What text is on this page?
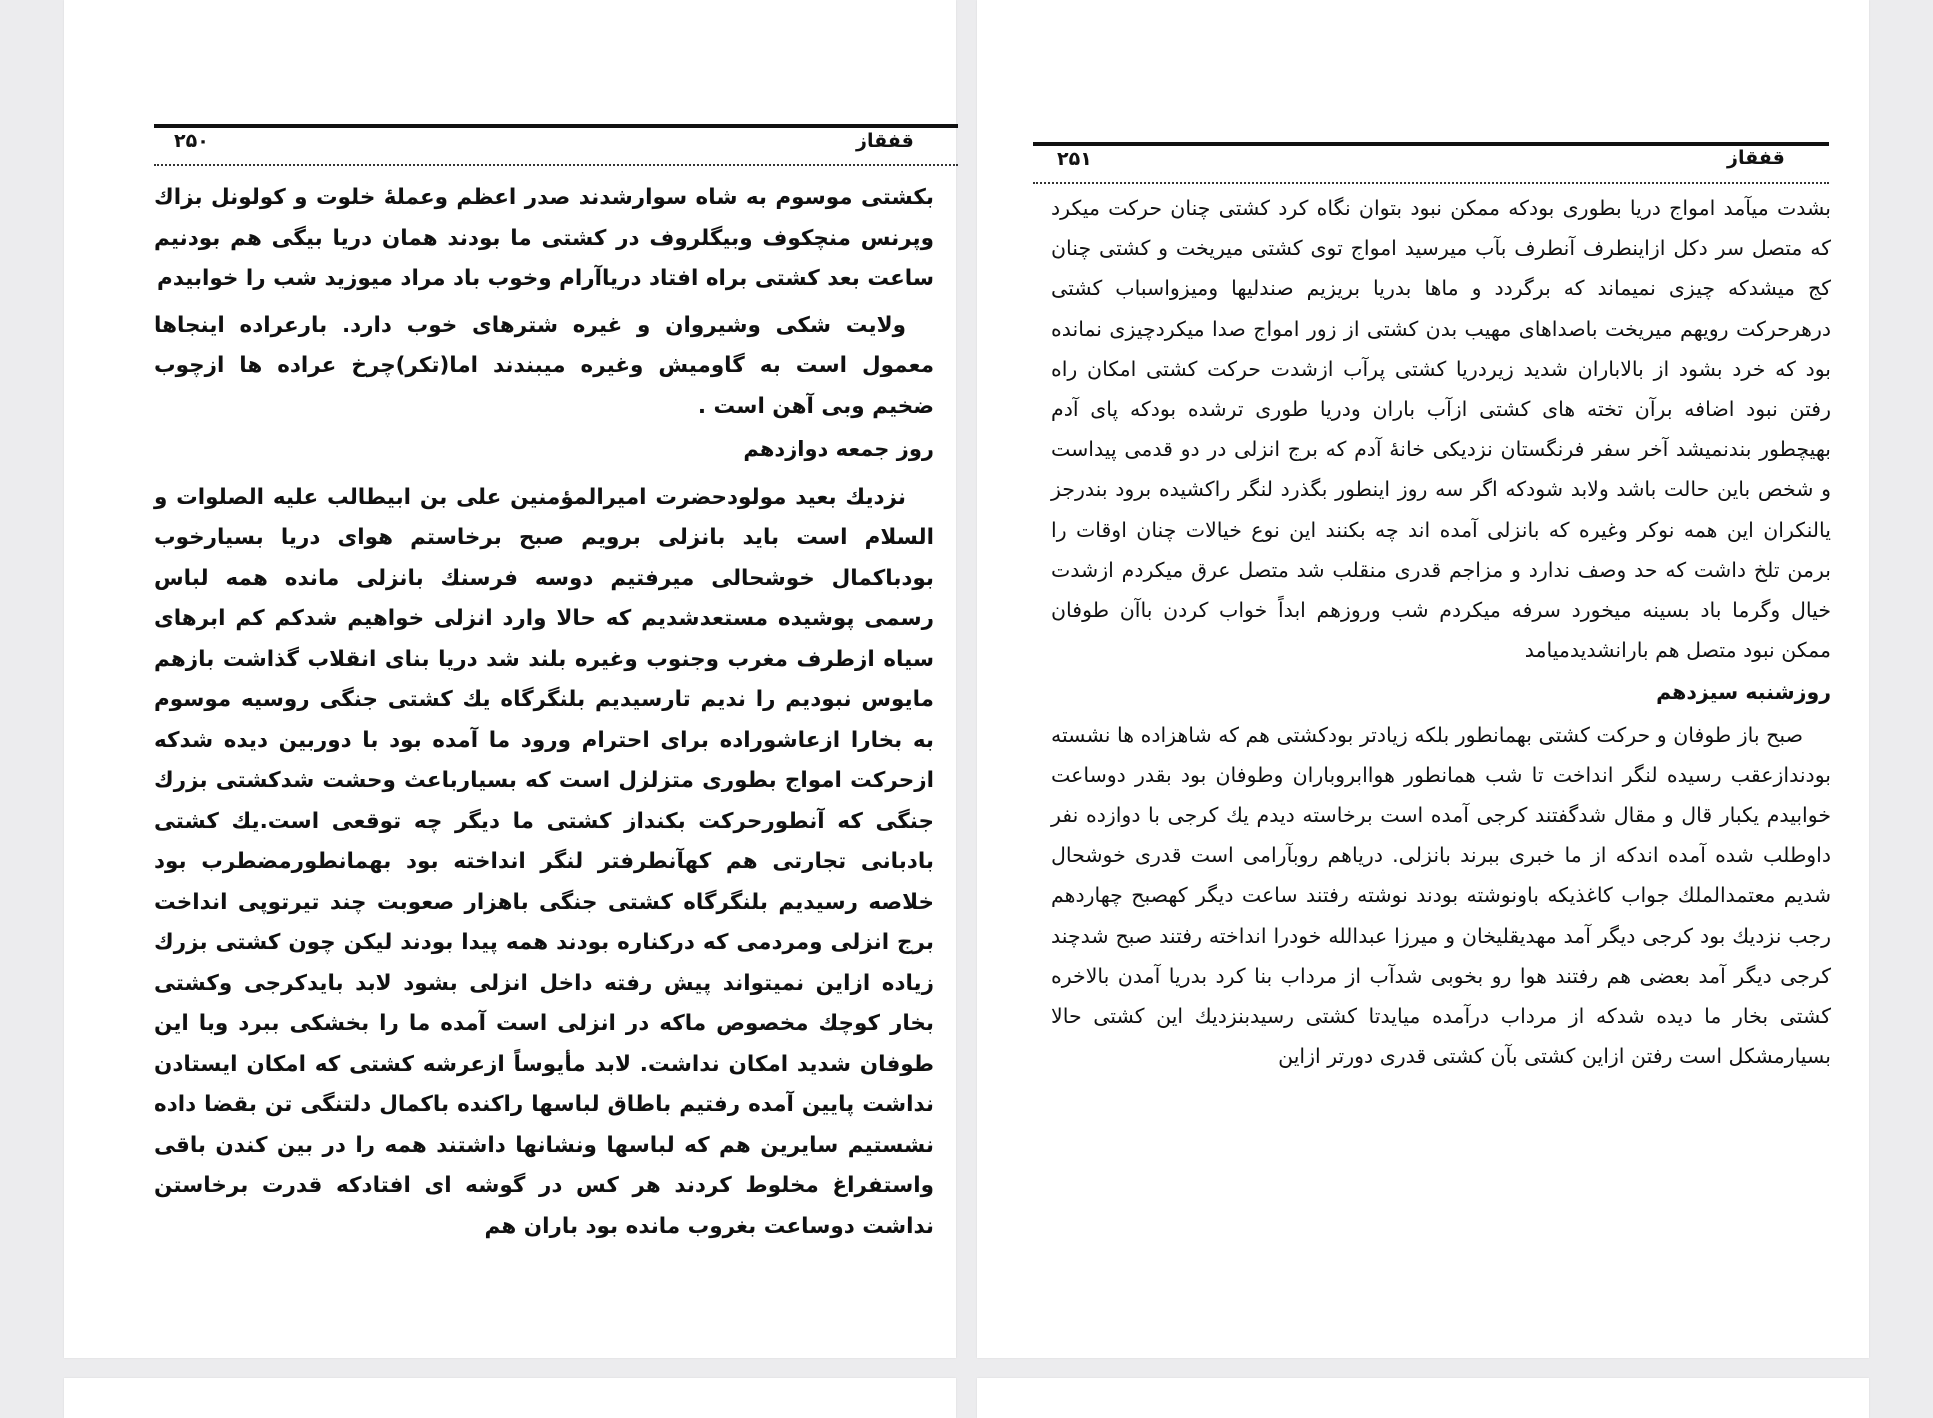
قفقاز
۲۵۰

بکشتی موسوم به شاه سوارشدند صدر اعظم وعملهٔ خلوت و کولونل بزاك وپرنس منچکوف وبیگلروف در کشتی ما بودند همان دریا بیگی هم بودنیم ساعت بعد کشتی براه افتاد دریاآرام وخوب باد مراد میوزید شب را خوابیدم

ولایت شکی وشیروان و غیره شترهای خوب دارد. بارعراده اینجاها معمول است به گاومیش وغیره میبندند اما(تکر)چرخ عراده ها ازچوب ضخیم وبی آهن است .

روز جمعه دوازدهم

نزدیك بعید مولودحضرت امیرالمؤمنین علی بن ابیطالب علیه الصلوات و السلام است باید بانزلی برویم صبح برخاستم هوای دریا بسیارخوب بودباکمال خوشحالی میرفتیم دوسه فرسنك بانزلی مانده همه لباس رسمی پوشیده مستعدشدیم که حالا وارد انزلی خواهیم شدکم کم ابرهای سیاه ازطرف مغرب وجنوب وغیره بلند شد دریا بنای انقلاب گذاشت بازهم مایوس نبودیم را ندیم تارسیدیم بلنگرگاه یك کشتی جنگی روسیه موسوم به بخارا ازعاشوراده برای احترام ورود ما آمده بود با دوربین دیده شدکه ازحرکت امواج بطوری متزلزل است که بسیارباعث وحشت شدکشتی بزرك جنگی که آنطورحرکت بکنداز کشتی ما دیگر چه توقعی است.یك کشتی بادبانی تجارتی هم کهآنطرفتر لنگر انداخته بود بهمانطورمضطرب بود خلاصه رسیدیم بلنگرگاه کشتی جنگی باهزار صعوبت چند تیرتوپی انداخت برج انزلی ومردمی که درکناره بودند همه پیدا بودند لیکن چون کشتی بزرك زیاده ازاین نمیتواند پیش رفته داخل انزلی بشود لابد بایدکرجی وکشتی بخار کوچك مخصوص ماکه در انزلی است آمده ما را بخشکی ببرد وبا این طوفان شدید امکان نداشت. لابد مأیوساً ازعرشه کشتی که امکان ایستادن نداشت پایین آمده رفتیم باطاق لباسها راکنده باکمال دلتنگی تن بقضا داده نشستیم سایرین هم که لباسها ونشانها داشتند همه را در بین کندن باقی واستفراغ مخلوط کردند هر کس در گوشه ای افتادکه قدرت برخاستن نداشت دوساعت بغروب مانده بود باران هم

قفقاز
۲۵۱

بشدت میآمد امواج دریا بطوری بودکه ممکن نبود بتوان نگاه کرد کشتی چنان حرکت میکرد که متصل سر دکل ازاینطرف آنطرف بآب میرسید امواج توی کشتی میریخت و کشتی چنان کج میشدکه چیزی نمیماند که برگردد و ماها بدریا بریزیم صندلیها ومیزواسباب کشتی درهرحرکت رویهم میریخت باصداهای مهیب بدن کشتی از زور امواج صدا میکردچیزی نمانده بود که خرد بشود از بالاباران شدید زیردریا کشتی پرآب ازشدت حرکت کشتی امکان راه رفتن نبود اضافه برآن تخته های کشتی ازآب باران ودریا طوری ترشده بودکه پای آدم بهیچطور بندنمیشد آخر سفر فرنگستان نزدیکی خانهٔ آدم که برج انزلی در دو قدمی پیداست و شخص باین حالت باشد ولابد شودکه اگر سه روز اینطور بگذرد لنگر راکشیده برود بندرجز یالنکران این همه نوکر وغیره که بانزلی آمده اند چه بکنند این نوع خیالات چنان اوقات را برمن تلخ داشت که حد وصف ندارد و مزاجم قدری منقلب شد متصل عرق میکردم ازشدت خیال وگرما باد بسینه میخورد سرفه میکردم شب وروزهم ابداً خواب کردن باآن طوفان ممکن نبود متصل هم بارانشدیدمیامد

روزشنبه سیزدهم

صبح باز طوفان و حرکت کشتی بهمانطور بلکه زیادتر بودکشتی هم که شاهزاده ها نشسته بودندازعقب رسیده لنگر انداخت تا شب همانطور هواابروباران وطوفان بود بقدر دوساعت خوابیدم یکبار قال و مقال شدگفتند کرجی آمده است برخاسته دیدم یك کرجی با دوازده نفر داوطلب شده آمده اندکه از ما خبری ببرند بانزلی. دریاهم روبآرامی است قدری خوشحال شدیم معتمدالملك جواب کاغذیکه باونوشته بودند نوشته رفتند ساعت دیگر کهصبح چهاردهم رجب نزدیك بود کرجی دیگر آمد مهدیقلیخان و میرزا عبدالله خودرا انداخته رفتند صبح شدچند کرجی دیگر آمد بعضی هم رفتند هوا رو بخوبی شدآب از مرداب بنا کرد بدریا آمدن بالاخره کشتی بخار ما دیده شدکه از مرداب درآمده میایدتا کشتی رسیدبنزدیك این کشتی حالا بسیارمشکل است رفتن ازاین کشتی بآن کشتی قدری دورتر ازاین
